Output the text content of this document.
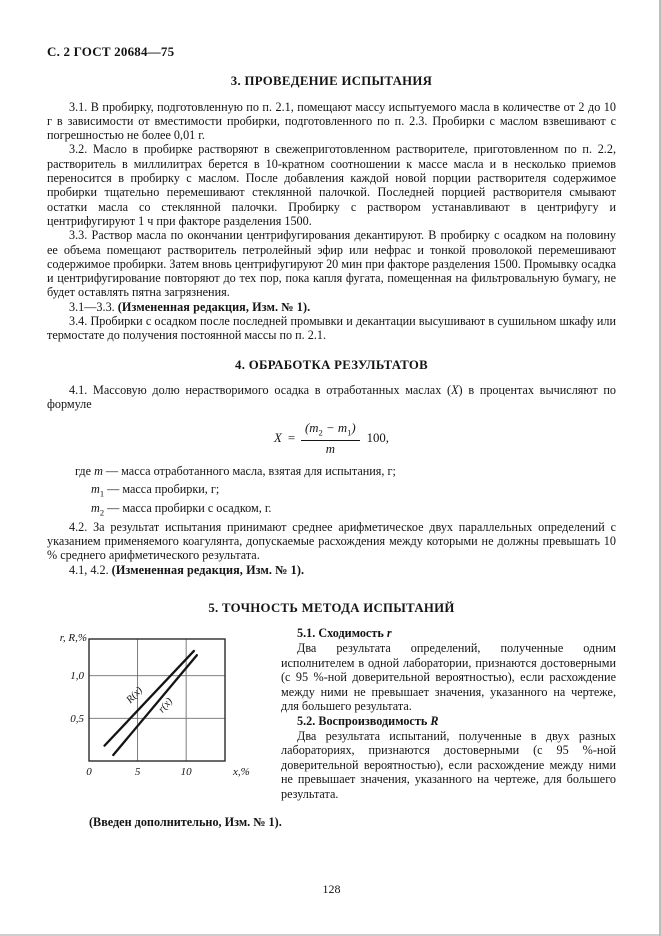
С. 2 ГОСТ 20684—75
3. ПРОВЕДЕНИЕ ИСПЫТАНИЯ

3.1. В пробирку, подготовленную по п. 2.1, помещают массу испытуемого масла в количестве от 2 до 10 г в зависимости от вместимости пробирки, подготовленного по п. 2.3. Пробирки с маслом взвешивают с погрешностью не более 0,01 г.

3.2. Масло в пробирке растворяют в свежеприготовленном растворителе, приготовленном по п. 2.2, растворитель в миллилитрах берется в 10-кратном соотношении к массе масла и в несколько приемов переносится в пробирку с маслом. После добавления каждой новой порции растворителя содержимое пробирки тщательно перемешивают стеклянной палочкой. Последней порцией растворителя смывают остатки масла со стеклянной палочки. Пробирку с раствором устанавливают в центрифугу и центрифугируют 1 ч при факторе разделения 1500.

3.3. Раствор масла по окончании центрифугирования декантируют. В пробирку с осадком на половину ее объема помещают растворитель петролейный эфир или нефрас и тонкой проволокой перемешивают содержимое пробирки. Затем вновь центрифугируют 20 мин при факторе разделения 1500. Промывку осадка и центрифугирование повторяют до тех пор, пока капля фугата, помещенная на фильтровальную бумагу, не будет оставлять пятна загрязнения.

3.1—3.3. (Измененная редакция, Изм. № 1).

3.4. Пробирки с осадком после последней промывки и декантации высушивают в сушильном шкафу или термостате до получения постоянной массы по п. 2.1.

4. ОБРАБОТКА РЕЗУЛЬТАТОВ

4.1. Массовую долю нерастворимого осадка в отработанных маслах (X) в процентах вычисляют по формуле

$X = \frac{(m_2 - m_1)}{m} 100$,
где m — масса отработанного масла, взятая для испытания, г;
$m_1$ — масса пробирки, г;
$m_2$ — масса пробирки с осадком, г.

4.2. За результат испытания принимают среднее арифметическое двух параллельных определений с указанием применяемого коагулянта, допускаемые расхождения между которыми не должны превышать 10 % среднего арифметического результата.

4.1, 4.2. (Измененная редакция, Изм. № 1).

5. ТОЧНОСТЬ МЕТОДА ИСПЫТАНИЙ
R(x) r(x)
0,5
1,0
0	5	10
r, R,%
x,%

5.1. Сходимость r

Два результата определений, полученные одним исполнителем в одной лаборатории, признаются достоверными (с 95 %-ной доверительной вероятностью), если расхождение между ними не превышает значения, указанного на чертеже, для большего результата.

5.2. Воспроизводимость R

Два результата испытаний, полученные в двух разных лабораториях, признаются достоверными (с 95 %-ной доверительной вероятностью), если расхождение между ними не превышает значения, указанного на чертеже, для большего результата.

(Введен дополнительно, Изм. № 1).

128
